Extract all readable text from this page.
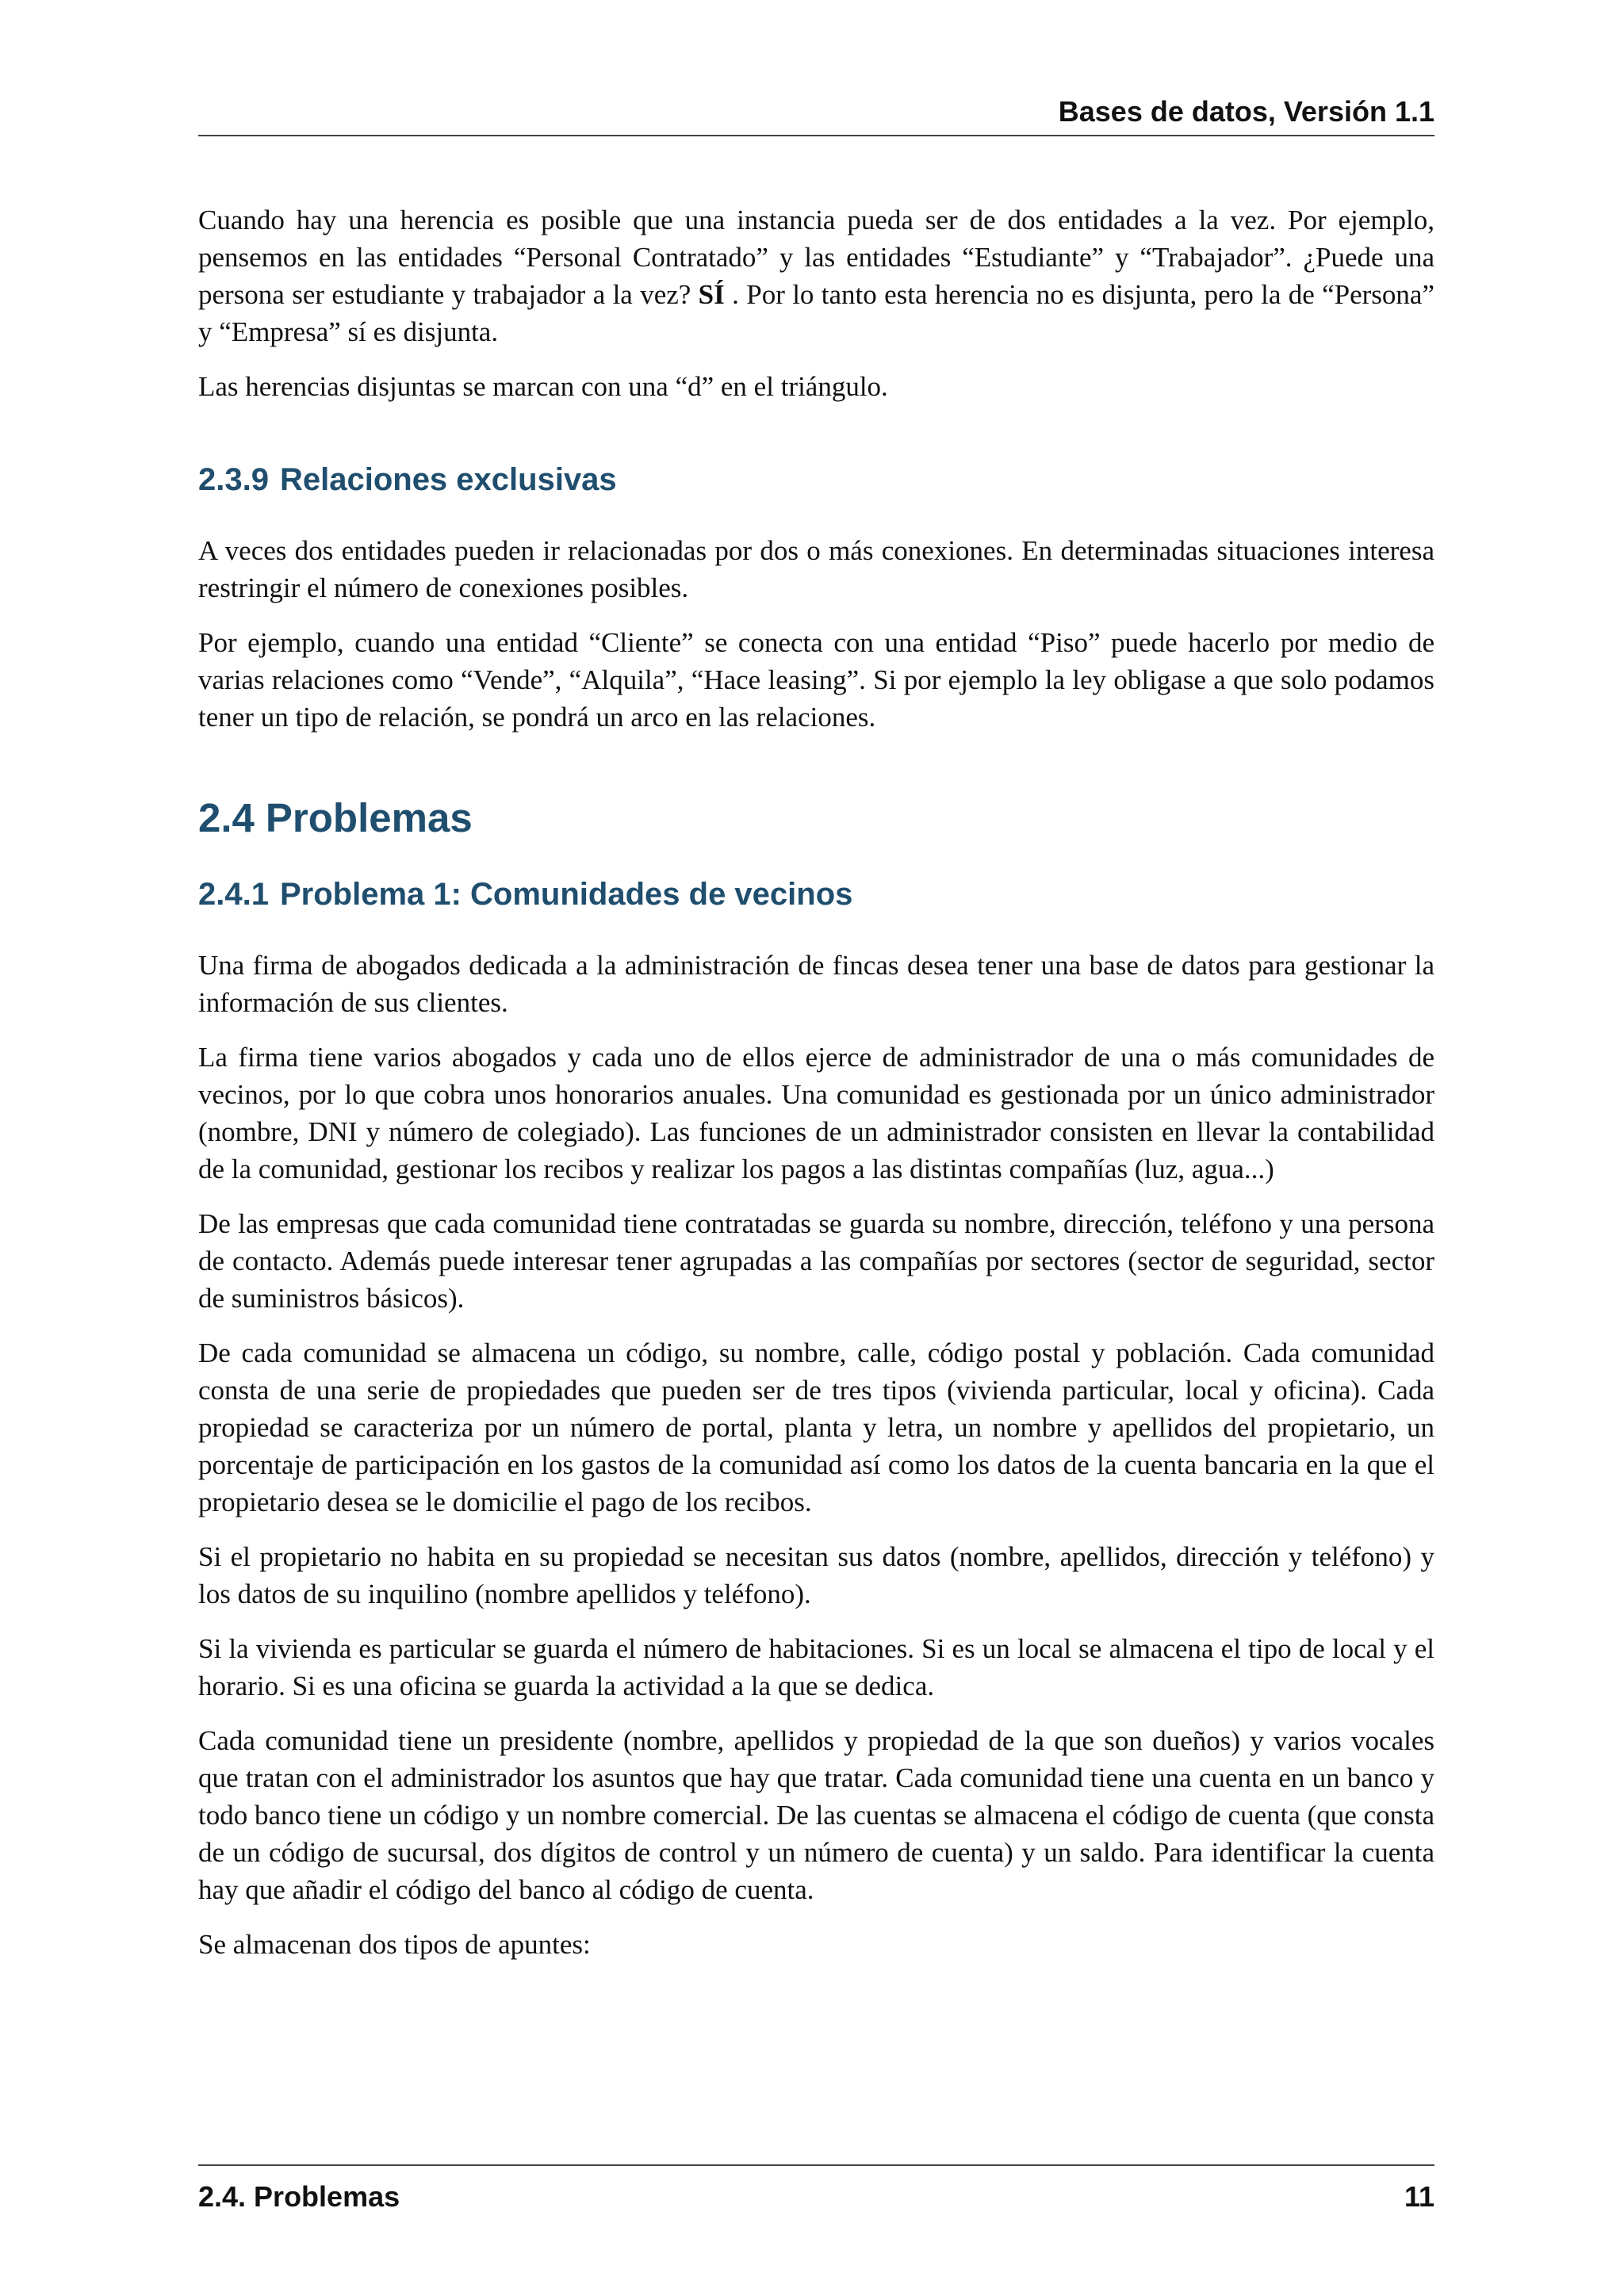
Bases de datos, Versión 1.1

Cuando hay una herencia es posible que una instancia pueda ser de dos entidades a la vez. Por ejemplo, pensemos en las entidades “Personal Contratado” y las entidades “Estudiante” y “Trabajador”. ¿Puede una persona ser estudiante y trabajador a la vez? SÍ . Por lo tanto esta herencia no es disjunta, pero la de “Persona” y “Empresa” sí es disjunta.

Las herencias disjuntas se marcan con una “d” en el triángulo.

2.3.9 Relaciones exclusivas

A veces dos entidades pueden ir relacionadas por dos o más conexiones. En determinadas situaciones interesa restringir el número de conexiones posibles.

Por ejemplo, cuando una entidad “Cliente” se conecta con una entidad “Piso” puede hacerlo por medio de varias relaciones como “Vende”, “Alquila”, “Hace leasing”. Si por ejemplo la ley obligase a que solo podamos tener un tipo de relación, se pondrá un arco en las relaciones.

2.4 Problemas
2.4.1 Problema 1: Comunidades de vecinos

Una firma de abogados dedicada a la administración de fincas desea tener una base de datos para gestionar la información de sus clientes.

La firma tiene varios abogados y cada uno de ellos ejerce de administrador de una o más comunidades de vecinos, por lo que cobra unos honorarios anuales. Una comunidad es gestionada por un único administrador (nombre, DNI y número de colegiado). Las funciones de un administrador consisten en llevar la contabilidad de la comunidad, gestionar los recibos y realizar los pagos a las distintas compañías (luz, agua...)

De las empresas que cada comunidad tiene contratadas se guarda su nombre, dirección, teléfono y una persona de contacto. Además puede interesar tener agrupadas a las compañías por sectores (sector de seguridad, sector de suministros básicos).

De cada comunidad se almacena un código, su nombre, calle, código postal y población. Cada comunidad consta de una serie de propiedades que pueden ser de tres tipos (vivienda particular, local y oficina). Cada propiedad se caracteriza por un número de portal, planta y letra, un nombre y apellidos del propietario, un porcentaje de participación en los gastos de la comunidad así como los datos de la cuenta bancaria en la que el propietario desea se le domicilie el pago de los recibos.

Si el propietario no habita en su propiedad se necesitan sus datos (nombre, apellidos, dirección y teléfono) y los datos de su inquilino (nombre apellidos y teléfono).

Si la vivienda es particular se guarda el número de habitaciones. Si es un local se almacena el tipo de local y el horario. Si es una oficina se guarda la actividad a la que se dedica.

Cada comunidad tiene un presidente (nombre, apellidos y propiedad de la que son dueños) y varios vocales que tratan con el administrador los asuntos que hay que tratar. Cada comunidad tiene una cuenta en un banco y todo banco tiene un código y un nombre comercial. De las cuentas se almacena el código de cuenta (que consta de un código de sucursal, dos dígitos de control y un número de cuenta) y un saldo. Para identificar la cuenta hay que añadir el código del banco al código de cuenta.

Se almacenan dos tipos de apuntes:

2.4. Problemas	11
